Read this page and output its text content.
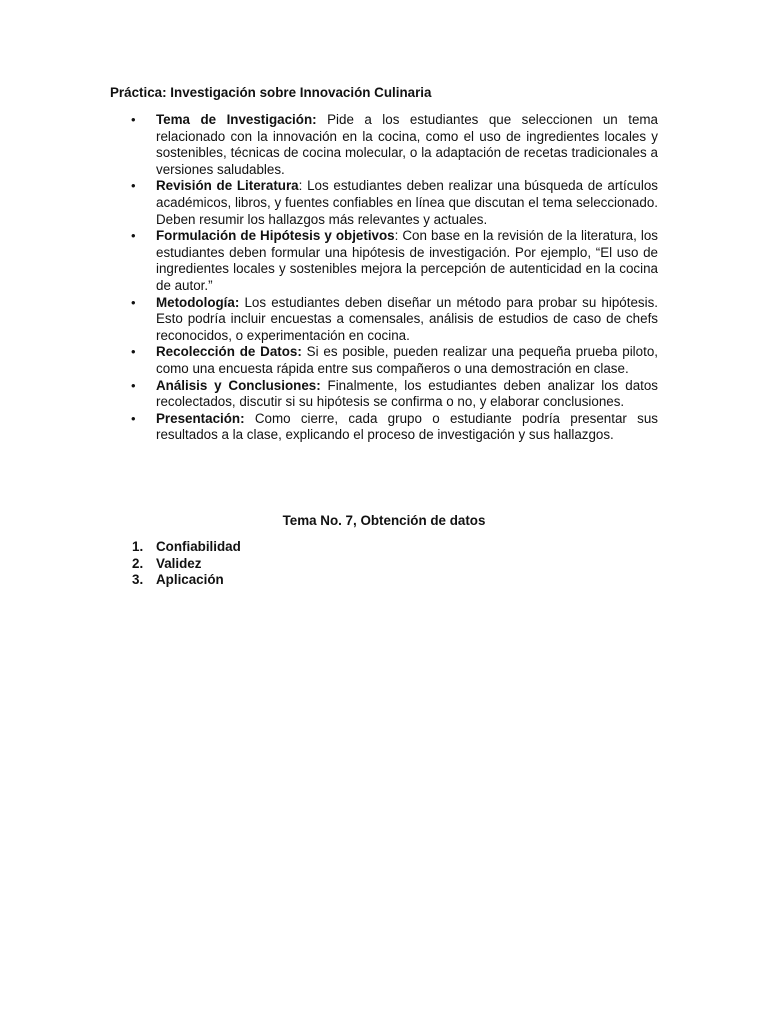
Práctica: Investigación sobre Innovación Culinaria

• Tema de Investigación: Pide a los estudiantes que seleccionen un tema relacionado con la innovación en la cocina, como el uso de ingredientes locales y sostenibles, técnicas de cocina molecular, o la adaptación de recetas tradicionales a versiones saludables.
• Revisión de Literatura: Los estudiantes deben realizar una búsqueda de artículos académicos, libros, y fuentes confiables en línea que discutan el tema seleccionado. Deben resumir los hallazgos más relevantes y actuales.
• Formulación de Hipótesis y objetivos: Con base en la revisión de la literatura, los estudiantes deben formular una hipótesis de investigación. Por ejemplo, “El uso de ingredientes locales y sostenibles mejora la percepción de autenticidad en la cocina de autor.”
• Metodología: Los estudiantes deben diseñar un método para probar su hipótesis. Esto podría incluir encuestas a comensales, análisis de estudios de caso de chefs reconocidos, o experimentación en cocina.
• Recolección de Datos: Si es posible, pueden realizar una pequeña prueba piloto, como una encuesta rápida entre sus compañeros o una demostración en clase.
• Análisis y Conclusiones: Finalmente, los estudiantes deben analizar los datos recolectados, discutir si su hipótesis se confirma o no, y elaborar conclusiones.
• Presentación: Como cierre, cada grupo o estudiante podría presentar sus resultados a la clase, explicando el proceso de investigación y sus hallazgos.

Tema No. 7, Obtención de datos

1. Confiabilidad
2. Validez
3. Aplicación
